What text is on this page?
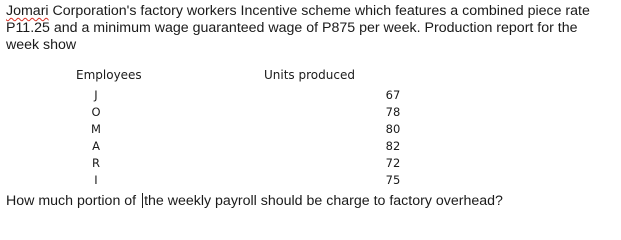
Jomari Corporation's factory workers Incentive scheme which features a combined piece rate P11.25 and a minimum wage guaranteed wage of P875 per week. Production report for the week show
Employees	Units produced
J	67
O	78
M	80
A	82
R	72
I	75
How much portion of the weekly payroll should be charge to factory overhead?
